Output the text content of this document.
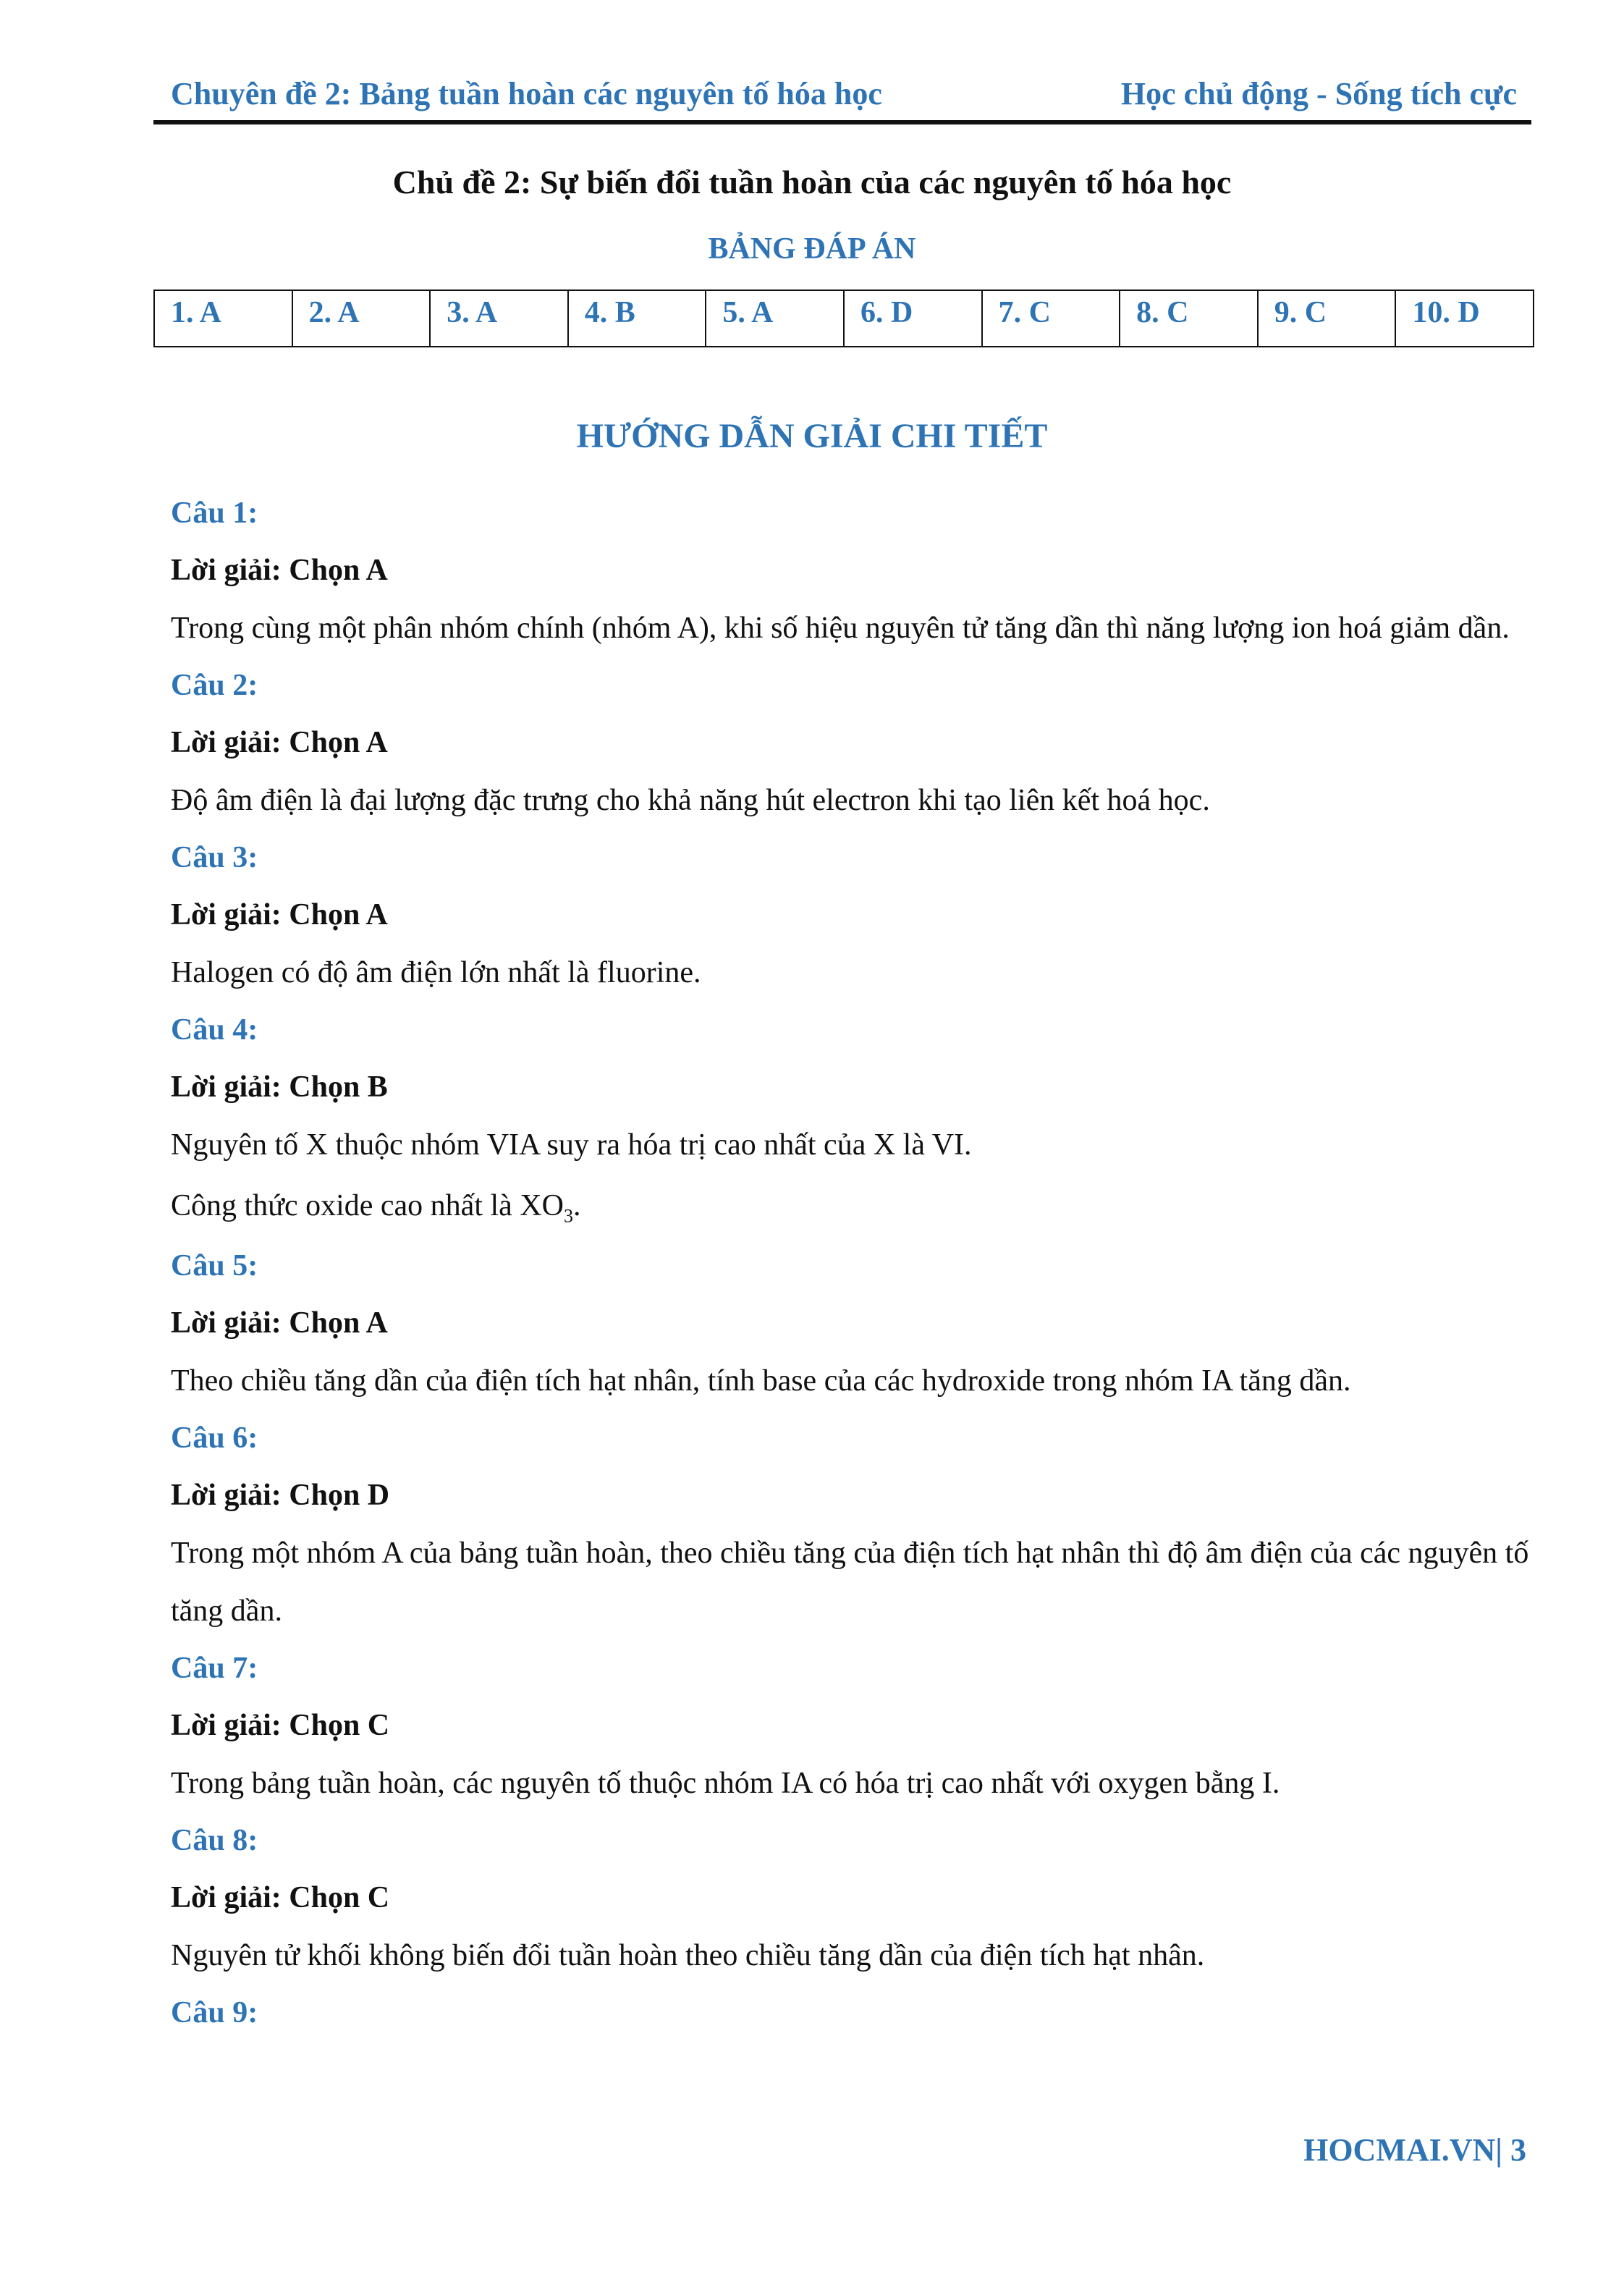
Chuyên đề 2: Bảng tuần hoàn các nguyên tố hóa học	Học chủ động - Sống tích cực
Chủ đề 2: Sự biến đổi tuần hoàn của các nguyên tố hóa học
BẢNG ĐÁP ÁN
1. A	2. A	3. A	4. B	5. A	6. D	7. C	8. C	9. C	10. D
HƯỚNG DẪN GIẢI CHI TIẾT

Câu 1:

Lời giải: Chọn A

Trong cùng một phân nhóm chính (nhóm A), khi số hiệu nguyên tử tăng dần thì năng lượng ion hoá giảm dần.

Câu 2:

Lời giải: Chọn A

Độ âm điện là đại lượng đặc trưng cho khả năng hút electron khi tạo liên kết hoá học.

Câu 3:

Lời giải: Chọn A

Halogen có độ âm điện lớn nhất là fluorine.

Câu 4:

Lời giải: Chọn B

Nguyên tố X thuộc nhóm VIA suy ra hóa trị cao nhất của X là VI.

Công thức oxide cao nhất là $XO_3$.

Câu 5:

Lời giải: Chọn A

Theo chiều tăng dần của điện tích hạt nhân, tính base của các hydroxide trong nhóm IA tăng dần.

Câu 6:

Lời giải: Chọn D

Trong một nhóm A của bảng tuần hoàn, theo chiều tăng của điện tích hạt nhân thì độ âm điện của các nguyên tố tăng dần.

Câu 7:

Lời giải: Chọn C

Trong bảng tuần hoàn, các nguyên tố thuộc nhóm IA có hóa trị cao nhất với oxygen bằng I.

Câu 8:

Lời giải: Chọn C

Nguyên tử khối không biến đổi tuần hoàn theo chiều tăng dần của điện tích hạt nhân.

Câu 9:

HOCMAI.VN| 3
